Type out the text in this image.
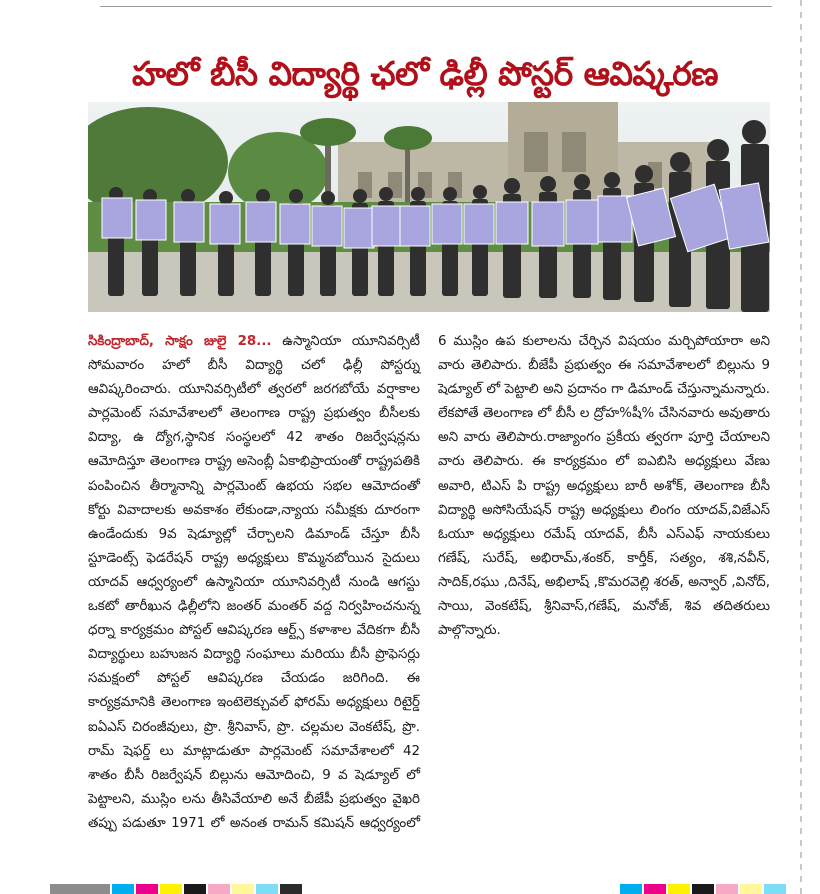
హలో బీసీ విద్యార్థి ఛలో ఢిల్లీ పోస్టర్ ఆవిష్కరణ

సికింద్రాబాద్, సాక్షం జులై 28... ఉస్మానియా యూనివర్సిటీ సోమవారం హలో బీసీ విద్యార్థి చలో ఢిల్లీ పోస్టర్ను ఆవిష్కరించారు. యూనివర్సిటీలో త్వరలో జరగబోయే వర్షాకాల పార్లమెంట్ సమావేశాలలో తెలంగాణ రాష్ట్ర ప్రభుత్వం బీసీలకు విద్యా, ఉ ద్యోగ,స్థానిక సంస్థలలో 42 శాతం రిజర్వేషన్లను ఆమోదిస్తూ తెలంగాణ రాష్ట్ర అసెంబ్లీ ఏకాభిప్రాయంతో రాష్ట్రపతికి పంపించిన తీర్మానాన్ని పార్లమెంట్ ఉభయ సభల ఆమోదంతో కోర్టు వివాదాలకు అవకాశం లేకుండా,న్యాయ సమీక్షకు దూరంగా ఉండేందుకు 9వ షెడ్యూల్లో చేర్చాలని డిమాండ్ చేస్తూ బీసీ స్టూడెంట్స్ ఫెడరేషన్ రాష్ట్ర అధ్యక్షులు కొమ్మనబోయిన సైదులు యాదవ్ ఆధ్వర్యంలో ఉస్మానియా యూనివర్సిటీ నుండి ఆగస్టు ఒకటో తారీఖున ఢిల్లీలోని జంతర్ మంతర్ వద్ద నిర్వహించనున్న ధర్నా కార్యక్రమం పోస్టల్ ఆవిష్కరణ ఆర్ట్స్ కళాశాల వేదికగా బీసీ విద్యార్థులు బహుజన విద్యార్థి సంఘాలు మరియు బీసీ ప్రొఫెసర్లు సమక్షంలో పోస్టల్ ఆవిష్కరణ చేయడం జరిగింది. ఈ కార్యక్రమానికి తెలంగాణ ఇంటెలెక్చువల్ ఫోరమ్ అధ్యక్షులు రిటైర్డ్ ఐఏఎస్ చిరంజీవులు, ప్రొ. శ్రీనివాస్, ప్రొ. చల్లమల వెంకటేష్, ప్రొ. రామ్ షెఫర్డ్ లు మాట్లాడుతూ పార్లమెంట్ సమావేశాలలో 42 శాతం బీసీ రిజర్వేషన్ బిల్లును ఆమోదించి, 9 వ షెడ్యూల్ లో పెట్టాలని, ముస్లిం లను తీసివేయాలి అనే బీజేపీ ప్రభుత్వం వైఖరి తప్పు పడుతూ 1971 లో అనంత రామన్ కమిషన్ ఆధ్వర్యంలో 6 ముస్లిం ఉప కులాలను చేర్చిన విషయం మర్చిపోయారా అని వారు తెలిపారు. బీజేపీ ప్రభుత్వం ఈ సమావేశాలలో బిల్లును 9 షెడ్యూల్ లో పెట్టాలి అని ప్రదానం గా డిమాండ్ చేస్తున్నామన్నారు. లేకపోతే తెలంగాణ లో బీసీ ల ద్రోహ%షీ% చేసినవారు అవుతారు అని వారు తెలిపారు.రాజ్యాంగం ప్రకీయ త్వరగా పూర్తి చేయాలని వారు తెలిపారు. ఈ కార్యక్రమం లో ఐఎబిసి అధ్యక్షులు వేణు అవారి, టిఎస్ పి రాష్ట్ర అధ్యక్షులు బారీ అశోక్, తెలంగాణ బీసీ విద్యార్థి అసోసియేషన్ రాష్ట్ర అధ్యక్షులు లింగం యాదవ్,విజేఎస్ ఓయూ అధ్యక్షులు రమేష్ యాదవ్, బీసీ ఎస్ఎఫ్ నాయకులు గణేష్, సురేష్, అభిరామ్,శంకర్, కార్తీక్, సత్యం, శశి,నవీన్, సాదిక్,రఘు ,దినేష్, అభిలాష్ ,కొమరవెల్లి శరత్, అన్వార్ ,వినోద్, సాయి, వెంకటేష్, శ్రీనివాస్,గణేష్, మనోజ్, శివ తదితరులు పాల్గొన్నారు.
